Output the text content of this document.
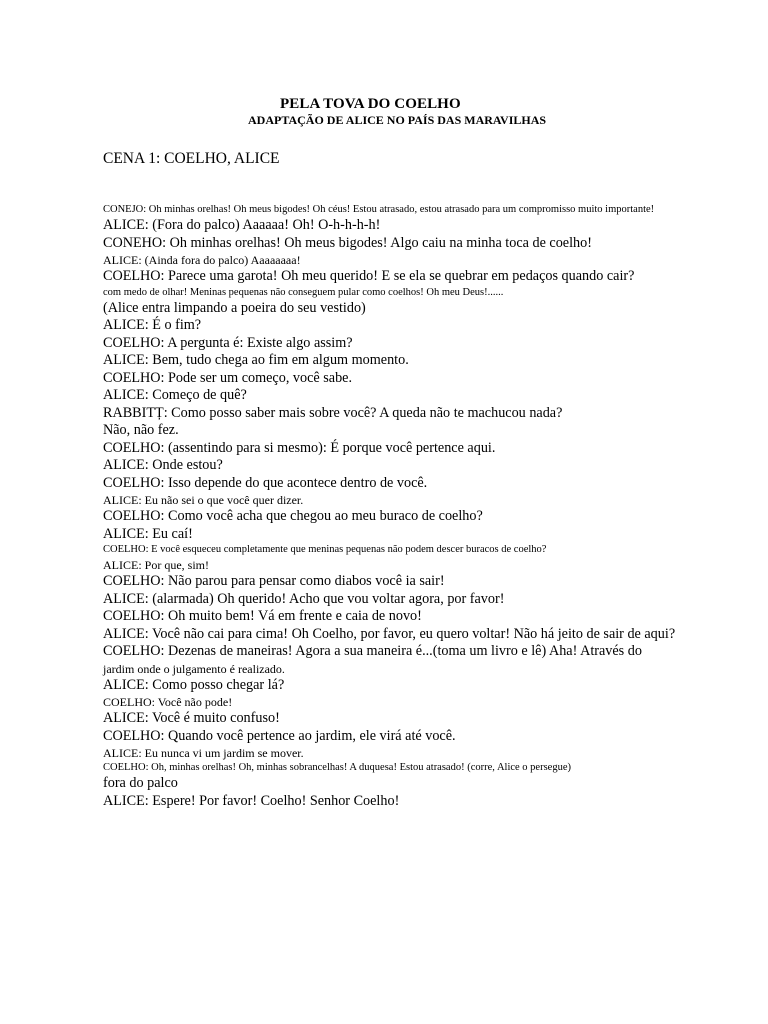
PELA TOVA DO COELHO
ADAPTAÇÃO DE ALICE NO PAÍS DAS MARAVILHAS
CENA 1: COELHO, ALICE
CONEJO: Oh minhas orelhas! Oh meus bigodes! Oh céus! Estou atrasado, estou atrasado para um compromisso muito importante!
ALICE: (Fora do palco) Aaaaaa! Oh! O-h-h-h-h!
CONEHO: Oh minhas orelhas! Oh meus bigodes! Algo caiu na minha toca de coelho!
ALICE: (Ainda fora do palco) Aaaaaaaa!
COELHO: Parece uma garota! Oh meu querido! E se ela se quebrar em pedaços quando cair?
com medo de olhar! Meninas pequenas não conseguem pular como coelhos! Oh meu Deus!......
(Alice entra limpando a poeira do seu vestido)
ALICE: É o fim?
COELHO: A pergunta é: Existe algo assim?
ALICE: Bem, tudo chega ao fim em algum momento.
COELHO: Pode ser um começo, você sabe.
ALICE: Começo de quê?
RABBITȚ: Como posso saber mais sobre você? A queda não te machucou nada?
Não, não fez.
COELHO: (assentindo para si mesmo): É porque você pertence aqui.
ALICE: Onde estou?
COELHO: Isso depende do que acontece dentro de você.
ALICE: Eu não sei o que você quer dizer.
COELHO: Como você acha que chegou ao meu buraco de coelho?
ALICE: Eu caí!
COELHO: E você esqueceu completamente que meninas pequenas não podem descer buracos de coelho?
ALICE: Por que, sim!
COELHO: Não parou para pensar como diabos você ia sair!
ALICE: (alarmada) Oh querido! Acho que vou voltar agora, por favor!
COELHO: Oh muito bem! Vá em frente e caia de novo!
ALICE: Você não cai para cima! Oh Coelho, por favor, eu quero voltar! Não há jeito de sair de aqui?
COELHO: Dezenas de maneiras! Agora a sua maneira é...(toma um livro e lê) Aha! Através do
jardim onde o julgamento é realizado.
ALICE: Como posso chegar lá?
COELHO: Você não pode!
ALICE: Você é muito confuso!
COELHO: Quando você pertence ao jardim, ele virá até você.
ALICE: Eu nunca vi um jardim se mover.
COELHO: Oh, minhas orelhas! Oh, minhas sobrancelhas! A duquesa! Estou atrasado! (corre, Alice o persegue)
fora do palco
ALICE: Espere! Por favor! Coelho! Senhor Coelho!
